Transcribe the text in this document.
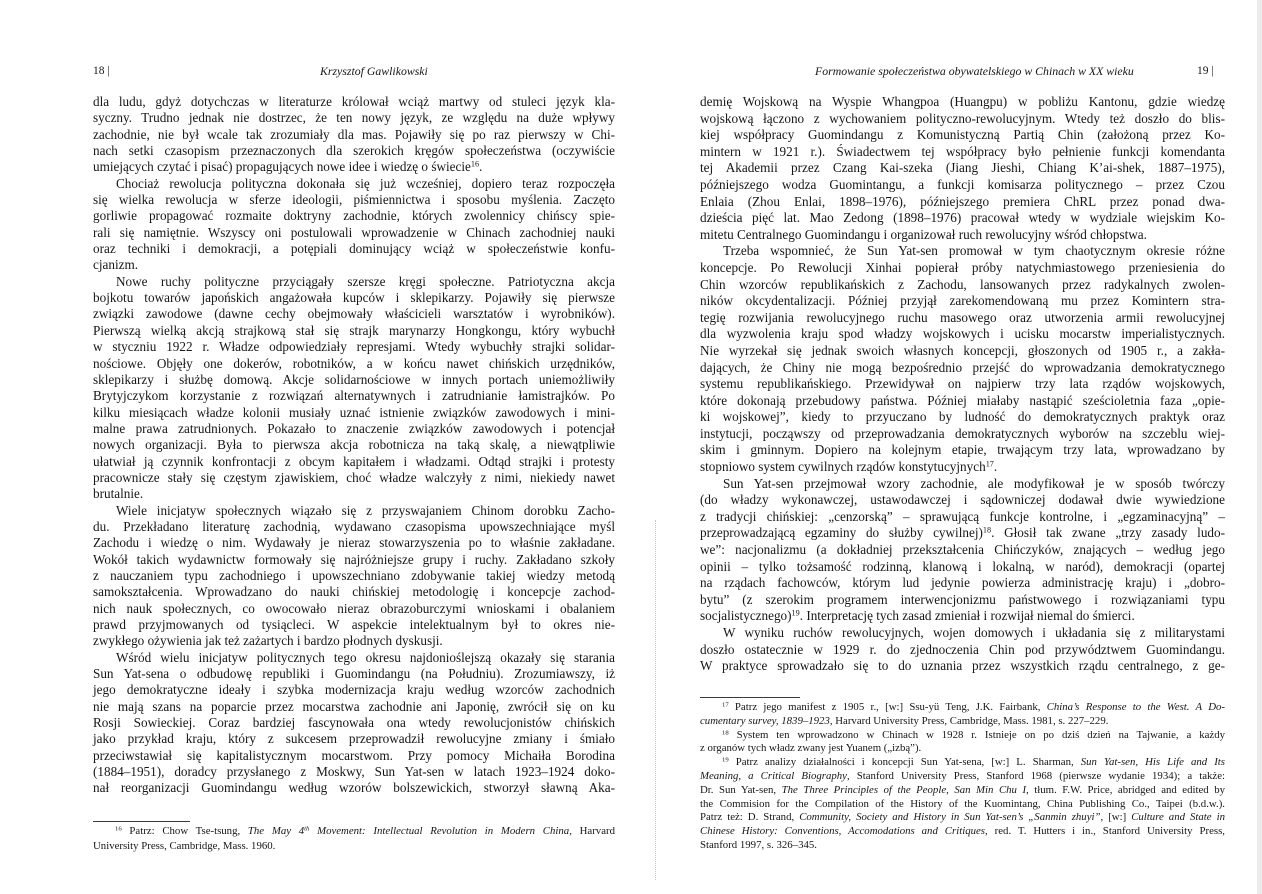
18 |	Krzysztof Gawlikowski
dla ludu, gdyż dotychczas w literaturze królował wciąż martwy od stuleci język kla-
syczny. Trudno jednak nie dostrzec, że ten nowy język, ze względu na duże wpływy
zachodnie, nie był wcale tak zrozumiały dla mas. Pojawiły się po raz pierwszy w Chi-
nach setki czasopism przeznaczonych dla szerokich kręgów społeczeństwa (oczywiście
umiejących czytać i pisać) propagujących nowe idee i wiedzę o świecie$^{16}$.
Chociaż rewolucja polityczna dokonała się już wcześniej, dopiero teraz rozpoczęła
się wielka rewolucja w sferze ideologii, piśmiennictwa i sposobu myślenia. Zaczęto
gorliwie propagować rozmaite doktryny zachodnie, których zwolennicy chińscy spie-
rali się namiętnie. Wszyscy oni postulowali wprowadzenie w Chinach zachodniej nauki
oraz techniki i demokracji, a potępiali dominujący wciąż w społeczeństwie konfu-
cjanizm.
Nowe ruchy polityczne przyciągały szersze kręgi społeczne. Patriotyczna akcja
bojkotu towarów japońskich angażowała kupców i sklepikarzy. Pojawiły się pierwsze
związki zawodowe (dawne cechy obejmowały właścicieli warsztatów i wyrobników).
Pierwszą wielką akcją strajkową stał się strajk marynarzy Hongkongu, który wybuchł
w styczniu 1922 r. Władze odpowiedziały represjami. Wtedy wybuchły strajki solidar-
nościowe. Objęły one dokerów, robotników, a w końcu nawet chińskich urzędników,
sklepikarzy i służbę domową. Akcje solidarnościowe w innych portach uniemożliwiły
Brytyjczykom korzystanie z rozwiązań alternatywnych i zatrudnianie łamistrajków. Po
kilku miesiącach władze kolonii musiały uznać istnienie związków zawodowych i mini-
malne prawa zatrudnionych. Pokazało to znaczenie związków zawodowych i potencjał
nowych organizacji. Była to pierwsza akcja robotnicza na taką skalę, a niewątpliwie
ułatwiał ją czynnik konfrontacji z obcym kapitałem i władzami. Odtąd strajki i protesty
pracownicze stały się częstym zjawiskiem, choć władze walczyły z nimi, niekiedy nawet
brutalnie.
Wiele inicjatyw społecznych wiązało się z przyswajaniem Chinom dorobku Zacho-
du. Przekładano literaturę zachodnią, wydawano czasopisma upowszechniające myśl
Zachodu i wiedzę o nim. Wydawały je nieraz stowarzyszenia po to właśnie zakładane.
Wokół takich wydawnictw formowały się najróżniejsze grupy i ruchy. Zakładano szkoły
z nauczaniem typu zachodniego i upowszechniano zdobywanie takiej wiedzy metodą
samokształcenia. Wprowadzano do nauki chińskiej metodologię i koncepcje zachod-
nich nauk społecznych, co owocowało nieraz obrazoburczymi wnioskami i obalaniem
prawd przyjmowanych od tysiącleci. W aspekcie intelektualnym był to okres nie-
zwykłego ożywienia jak też zażartych i bardzo płodnych dyskusji.
Wśród wielu inicjatyw politycznych tego okresu najdonioślejszą okazały się starania
Sun Yat-sena o odbudowę republiki i Guomindangu (na Południu). Zrozumiawszy, iż
jego demokratyczne ideały i szybka modernizacja kraju według wzorców zachodnich
nie mają szans na poparcie przez mocarstwa zachodnie ani Japonię, zwrócił się on ku
Rosji Sowieckiej. Coraz bardziej fascynowała ona wtedy rewolucjonistów chińskich
jako przykład kraju, który z sukcesem przeprowadził rewolucyjne zmiany i śmiało
przeciwstawiał się kapitalistycznym mocarstwom. Przy pomocy Michaiła Borodina
(1884–1951), doradcy przysłanego z Moskwy, Sun Yat-sen w latach 1923–1924 doko-
nał reorganizacji Guomindangu według wzorów bolszewickich, stworzył sławną Aka-
$^{16}$ Patrz: Chow Tse-tsung, The May 4th Movement: Intellectual Revolution in Modern China, Harvard
University Press, Cambridge, Mass. 1960.
Formowanie społeczeństwa obywatelskiego w Chinach w XX wieku	19 |
demię Wojskową na Wyspie Whangpoa (Huangpu) w pobliżu Kantonu, gdzie wiedzę
wojskową łączono z wychowaniem polityczno-rewolucyjnym. Wtedy też doszło do blis-
kiej współpracy Guomindangu z Komunistyczną Partią Chin (założoną przez Ko-
mintern w 1921 r.). Świadectwem tej współpracy było pełnienie funkcji komendanta
tej Akademii przez Czang Kai-szeka (Jiang Jieshi, Chiang K’ai-shek, 1887–1975),
późniejszego wodza Guomintangu, a funkcji komisarza politycznego – przez Czou
Enlaia (Zhou Enlai, 1898–1976), późniejszego premiera ChRL przez ponad dwa-
dzieścia pięć lat. Mao Zedong (1898–1976) pracował wtedy w wydziale wiejskim Ko-
mitetu Centralnego Guomindangu i organizował ruch rewolucyjny wśród chłopstwa.
Trzeba wspomnieć, że Sun Yat-sen promował w tym chaotycznym okresie różne
koncepcje. Po Rewolucji Xinhai popierał próby natychmiastowego przeniesienia do
Chin wzorców republikańskich z Zachodu, lansowanych przez radykalnych zwolen-
ników okcydentalizacji. Później przyjął zarekomendowaną mu przez Komintern stra-
tegię rozwijania rewolucyjnego ruchu masowego oraz utworzenia armii rewolucyjnej
dla wyzwolenia kraju spod władzy wojskowych i ucisku mocarstw imperialistycznych.
Nie wyrzekał się jednak swoich własnych koncepcji, głoszonych od 1905 r., a zakła-
dających, że Chiny nie mogą bezpośrednio przejść do wprowadzania demokratycznego
systemu republikańskiego. Przewidywał on najpierw trzy lata rządów wojskowych,
które dokonają przebudowy państwa. Później miałaby nastąpić sześcioletnia faza „opie-
ki wojskowej”, kiedy to przyuczano by ludność do demokratycznych praktyk oraz
instytucji, począwszy od przeprowadzania demokratycznych wyborów na szczeblu wiej-
skim i gminnym. Dopiero na kolejnym etapie, trwającym trzy lata, wprowadzano by
stopniowo system cywilnych rządów konstytucyjnych$^{17}$.
Sun Yat-sen przejmował wzory zachodnie, ale modyfikował je w sposób twórczy
(do władzy wykonawczej, ustawodawczej i sądowniczej dodawał dwie wywiedzione
z tradycji chińskiej: „cenzorską” – sprawującą funkcje kontrolne, i „egzaminacyjną” –
przeprowadzającą egzaminy do służby cywilnej)$^{18}$. Głosił tak zwane „trzy zasady ludo-
we”: nacjonalizmu (a dokładniej przekształcenia Chińczyków, znających – według jego
opinii – tylko tożsamość rodzinną, klanową i lokalną, w naród), demokracji (opartej
na rządach fachowców, którym lud jedynie powierza administrację kraju) i „dobro-
bytu” (z szerokim programem interwencjonizmu państwowego i rozwiązaniami typu
socjalistycznego)$^{19}$. Interpretację tych zasad zmieniał i rozwijał niemal do śmierci.
W wyniku ruchów rewolucyjnych, wojen domowych i układania się z militarystami
doszło ostatecznie w 1929 r. do zjednoczenia Chin pod przywództwem Guomindangu.
W praktyce sprowadzało się to do uznania przez wszystkich rządu centralnego, z ge-
$^{17}$ Patrz jego manifest z 1905 r., [w:] Ssu-yü Teng, J.K. Fairbank, China’s Response to the West. A Do-
cumentary survey, 1839–1923, Harvard University Press, Cambridge, Mass. 1981, s. 227–229.
$^{18}$ System ten wprowadzono w Chinach w 1928 r. Istnieje on po dziś dzień na Tajwanie, a każdy
z organów tych władz zwany jest Yuanem („izbą”).
$^{19}$ Patrz analizy działalności i koncepcji Sun Yat-sena, [w:] L. Sharman, Sun Yat-sen, His Life and Its
Meaning, a Critical Biography, Stanford University Press, Stanford 1968 (pierwsze wydanie 1934); a także:
Dr. Sun Yat-sen, The Three Principles of the People, San Min Chu I, tłum. F.W. Price, abridged and edited by
the Commision for the Compilation of the History of the Kuomintang, China Publishing Co., Taipei (b.d.w.).
Patrz też: D. Strand, Community, Society and History in Sun Yat-sen’s „Sanmin zhuyi”, [w:] Culture and State in
Chinese History: Conventions, Accomodations and Critiques, red. T. Hutters i in., Stanford University Press,
Stanford 1997, s. 326–345.
